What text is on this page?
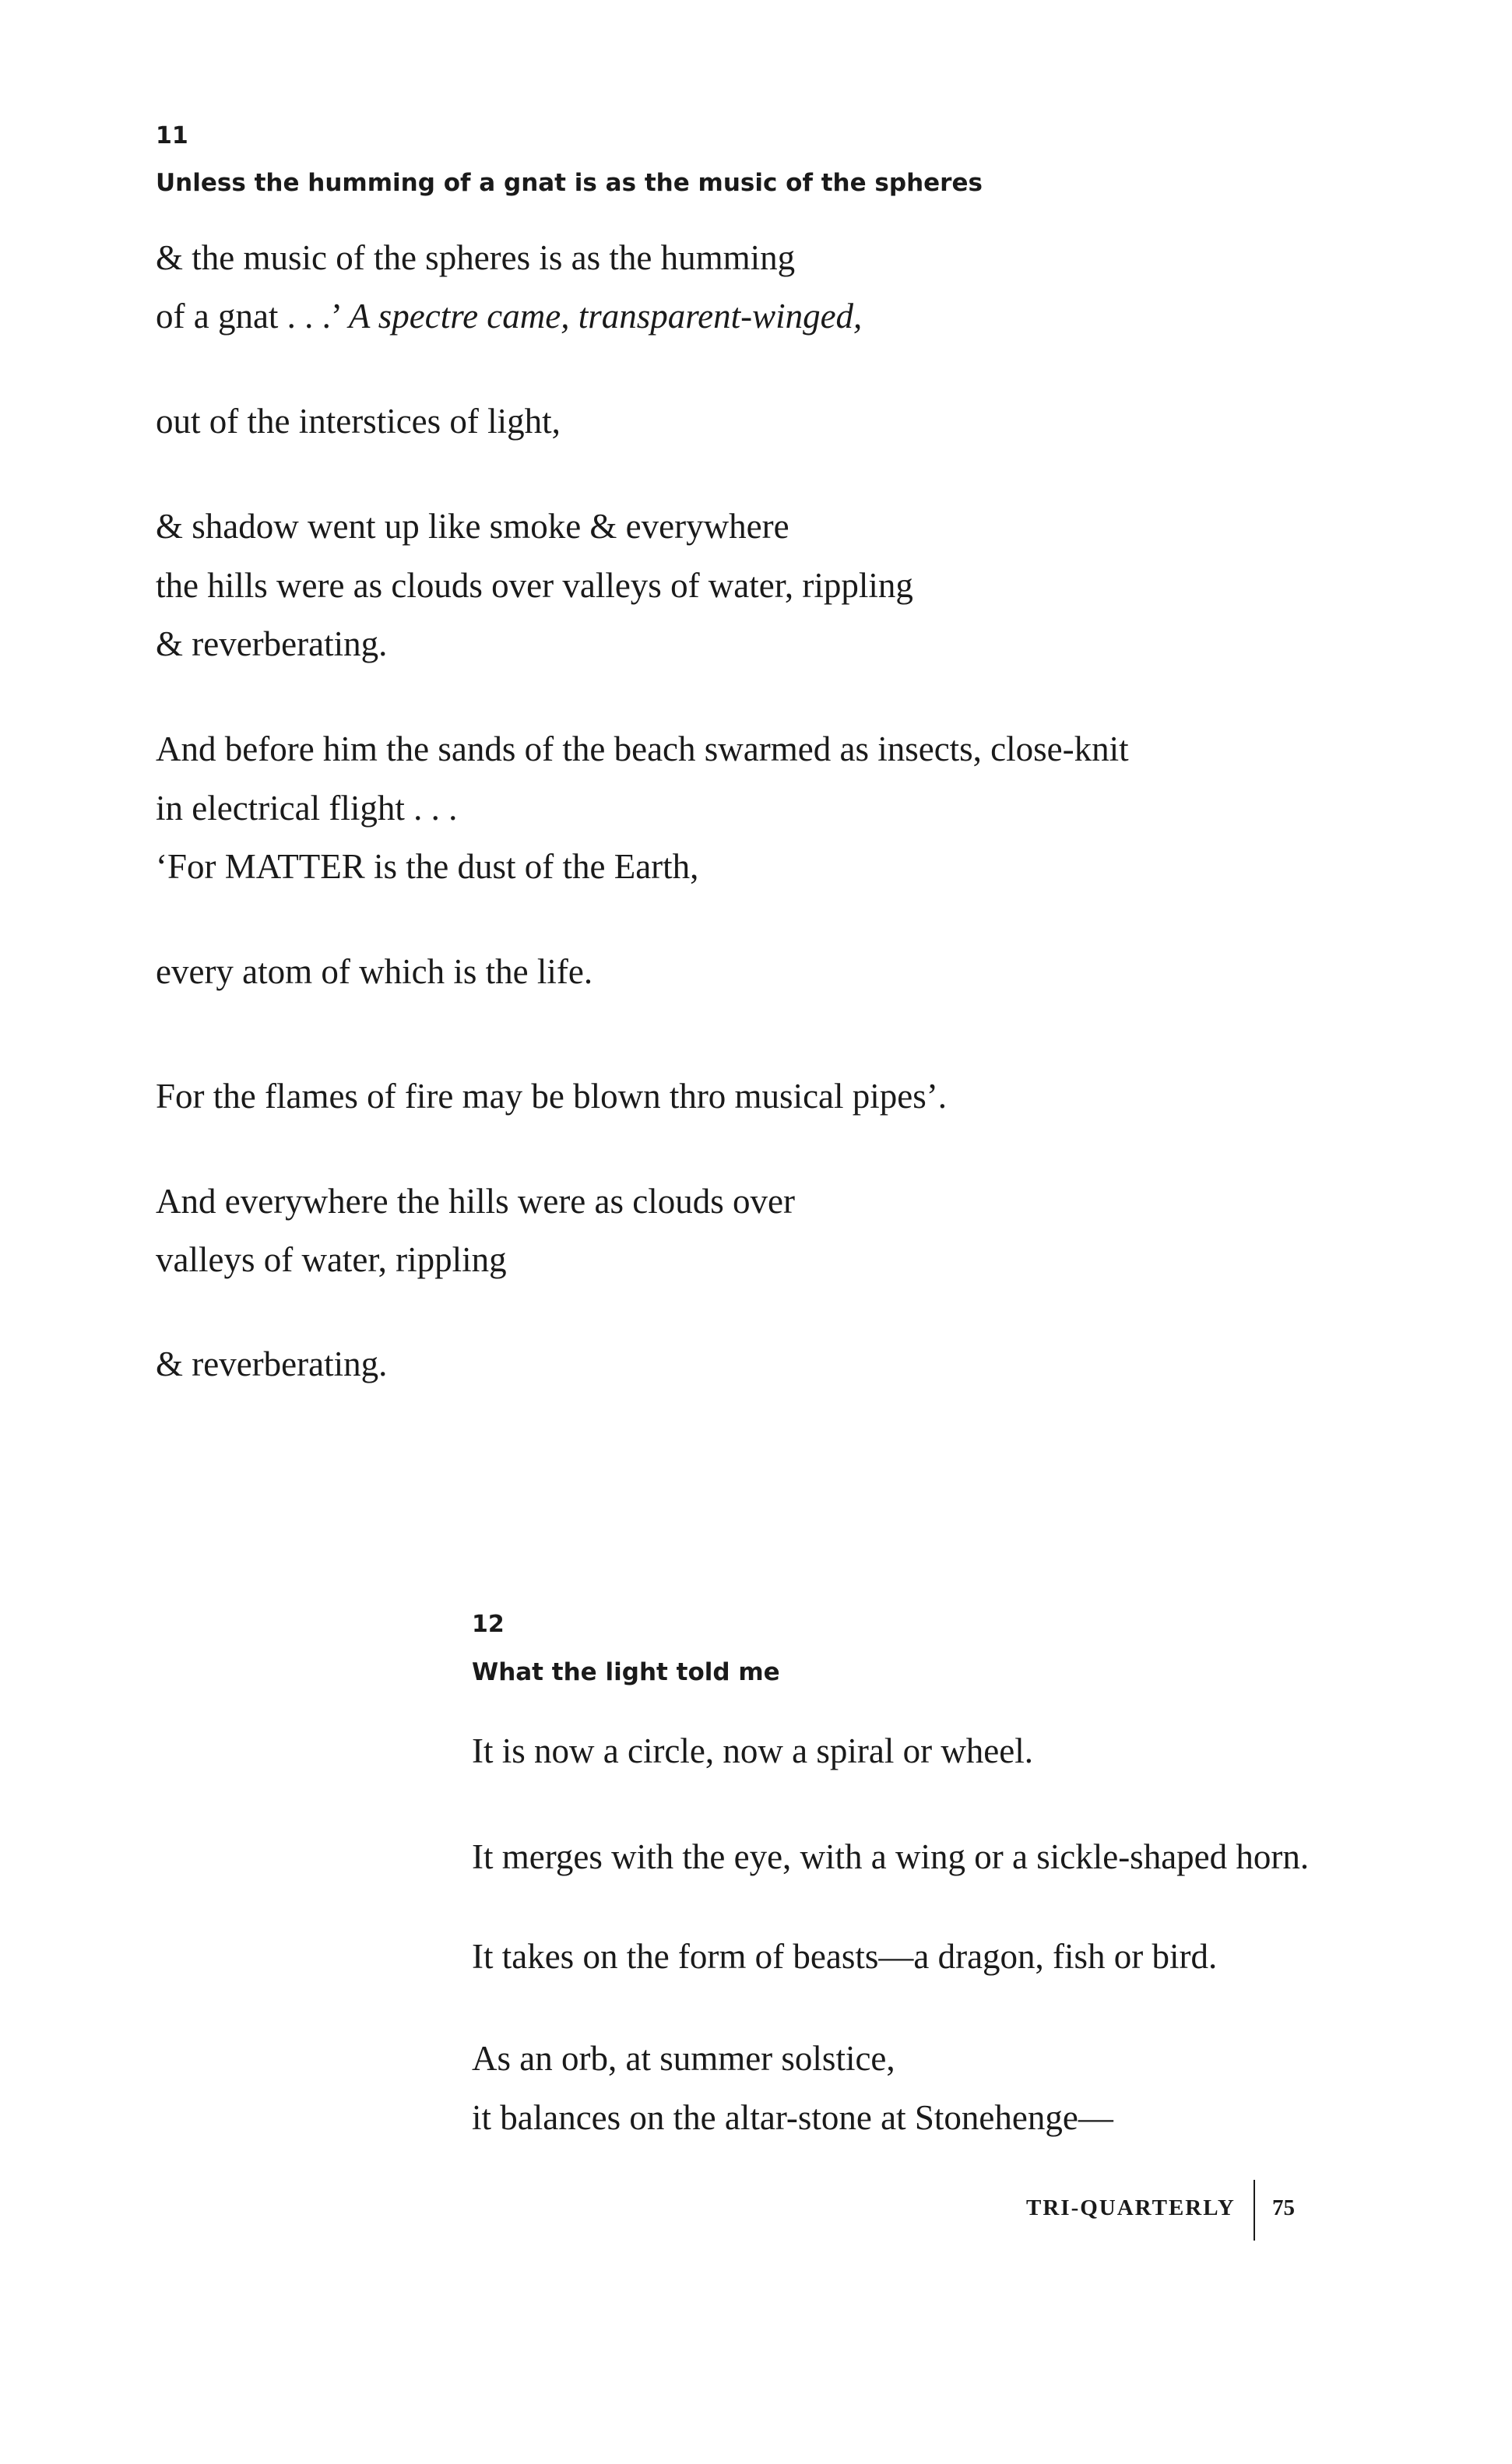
11
Unless the humming of a gnat is as the music of the spheres
& the music of the spheres is as the humming
of a gnat . . .’ A spectre came, transparent-winged,
out of the interstices of light,
& shadow went up like smoke & everywhere
the hills were as clouds over valleys of water, rippling
& reverberating.
And before him the sands of the beach swarmed as insects, close-knit
in electrical flight . . .
‘For MATTER is the dust of the Earth,
every atom of which is the life.
For the flames of fire may be blown thro musical pipes’.
And everywhere the hills were as clouds over
valleys of water, rippling
& reverberating.
12
What the light told me
It is now a circle, now a spiral or wheel.
It merges with the eye, with a wing or a sickle-shaped horn.
It takes on the form of beasts—a dragon, fish or bird.
As an orb, at summer solstice,
it balances on the altar-stone at Stonehenge—
TRI-QUARTERLY 75
